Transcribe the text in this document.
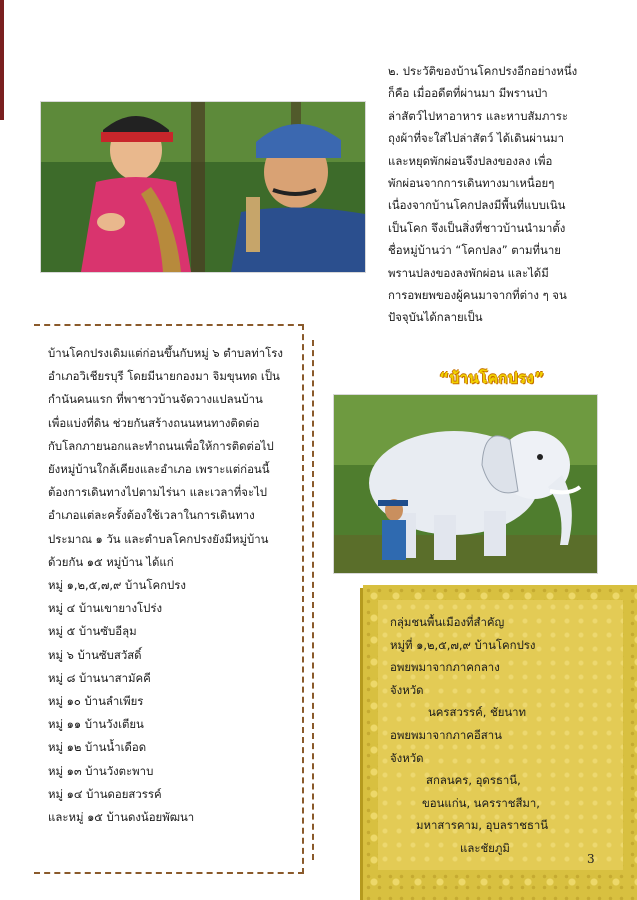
๒. ประวัติของบ้านโคกปรงอีกอย่างหนึ่ง

ก็คือ เมื่ออดีตที่ผ่านมา มีพรานป่า

ล่าสัตว์ไปหาอาหาร และหาบสัมภาระ

ถุงผ้าที่จะใส่ไปล่าสัตว์ ได้เดินผ่านมา

และหยุดพักผ่อนจึงปลงของลง เพื่อ

พักผ่อนจากการเดินทางมาเหนื่อยๆ

เนื่องจากบ้านโคกปลงมีพื้นที่แบบเนิน

เป็นโคก จึงเป็นสิ่งที่ชาวบ้านนำมาตั้ง

ชื่อหมู่บ้านว่า “โคกปลง” ตามที่นาย

พรานปลงของลงพักผ่อน และได้มี

การอพยพของผู้คนมาจากที่ต่าง ๆ จน

ปัจจุบันได้กลายเป็น

“บ้านโคกปรง”

บ้านโคกปรงเดิมแต่ก่อนขึ้นกับหมู่ ๖ ตำบลท่าโรง

อำเภอวิเชียรบุรี โดยมีนายกองมา จิมขุนทด เป็น

กำนันคนแรก ที่พาชาวบ้านจัดวางแปลนบ้าน

เพื่อแบ่งที่ดิน ช่วยกันสร้างถนนหนทางติดต่อ

กับโลกภายนอกและทำถนนเพื่อให้การติดต่อไป

ยังหมู่บ้านใกล้เคียงและอำเภอ เพราะแต่ก่อนนี้

ต้องการเดินทางไปตามไร่นา และเวลาที่จะไป

อำเภอแต่ละครั้งต้องใช้เวลาในการเดินทาง

ประมาณ ๑ วัน และตำบลโคกปรงยังมีหมู่บ้าน

ด้วยกัน ๑๕ หมู่บ้าน ได้แก่

หมู่ ๑,๒,๕,๗,๙ บ้านโคกปรง
หมู่ ๔ บ้านเขายางโปร่ง
หมู่ ๕ บ้านซับอีลุม
หมู่ ๖ บ้านซับสวัสดิ์
หมู่ ๘ บ้านนาสามัคคี
หมู่ ๑๐ บ้านลำเพียร
หมู่ ๑๑ บ้านวังเตียน
หมู่ ๑๒ บ้านน้ำเดือด
หมู่ ๑๓ บ้านวังตะพาบ
หมู่ ๑๔ บ้านดอยสวรรค์
และหมู่ ๑๕ บ้านดงน้อยพัฒนา

กลุ่มชนพื้นเมืองที่สำคัญ

หมู่ที่ ๑,๒,๕,๗,๙ บ้านโคกปรง

อพยพมาจากภาคกลาง

จังหวัด

นครสวรรค์, ชัยนาท

อพยพมาจากภาคอีสาน

จังหวัด

สกลนคร, อุดรธานี,

ขอนแก่น, นครราชสีมา,

มหาสารคาม, อุบลราชธานี

และชัยภูมิ

3
